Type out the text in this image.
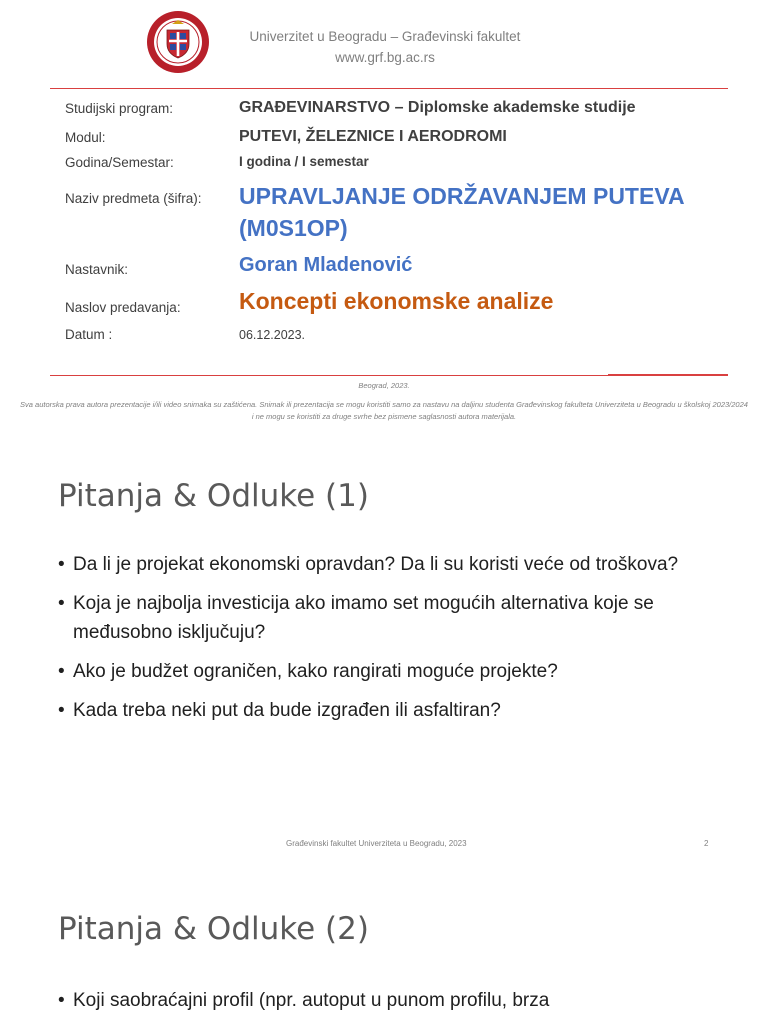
Univerzitet u Beogradu – Građevinski fakultet
www.grf.bg.ac.rs
Studijski program:	GRAĐEVINARSTVO – Diplomske akademske studije
Modul:	PUTEVI, ŽELEZNICE I AERODROMI
Godina/Semestar:	I godina / I semestar
Naziv predmeta (šifra): UPRAVLJANJE ODRŽAVANJEM PUTEVA (M0S1OP)
Nastavnik:	Goran Mladenović
Naslov predavanja:	Koncepti ekonomske analize
Datum :	06.12.2023.
Beograd, 2023.
Sva autorska prava autora prezentacije i/ili video snimaka su zaštićena. Snimak ili prezentacija se mogu koristiti samo za nastavu na daljinu studenta Građevinskog fakulteta Univerziteta u Beogradu u školskoj 2023/2024 i ne mogu se koristiti za druge svrhe bez pismene saglasnosti autora materijala.
Pitanja & Odluke (1)
• Da li je projekat ekonomski opravdan? Da li su koristi veće od troškova?
• Koja je najbolja investicija ako imamo set mogućih alternativa koje se međusobno isključuju?
• Ako je budžet ograničen, kako rangirati moguće projekte?
• Kada treba neki put da bude izgrađen ili asfaltiran?
Građevinski fakultet Univerziteta u Beogradu, 2023	2
Pitanja & Odluke (2)
• Koji saobraćajni profil (npr. autoput u punom profilu, brza
